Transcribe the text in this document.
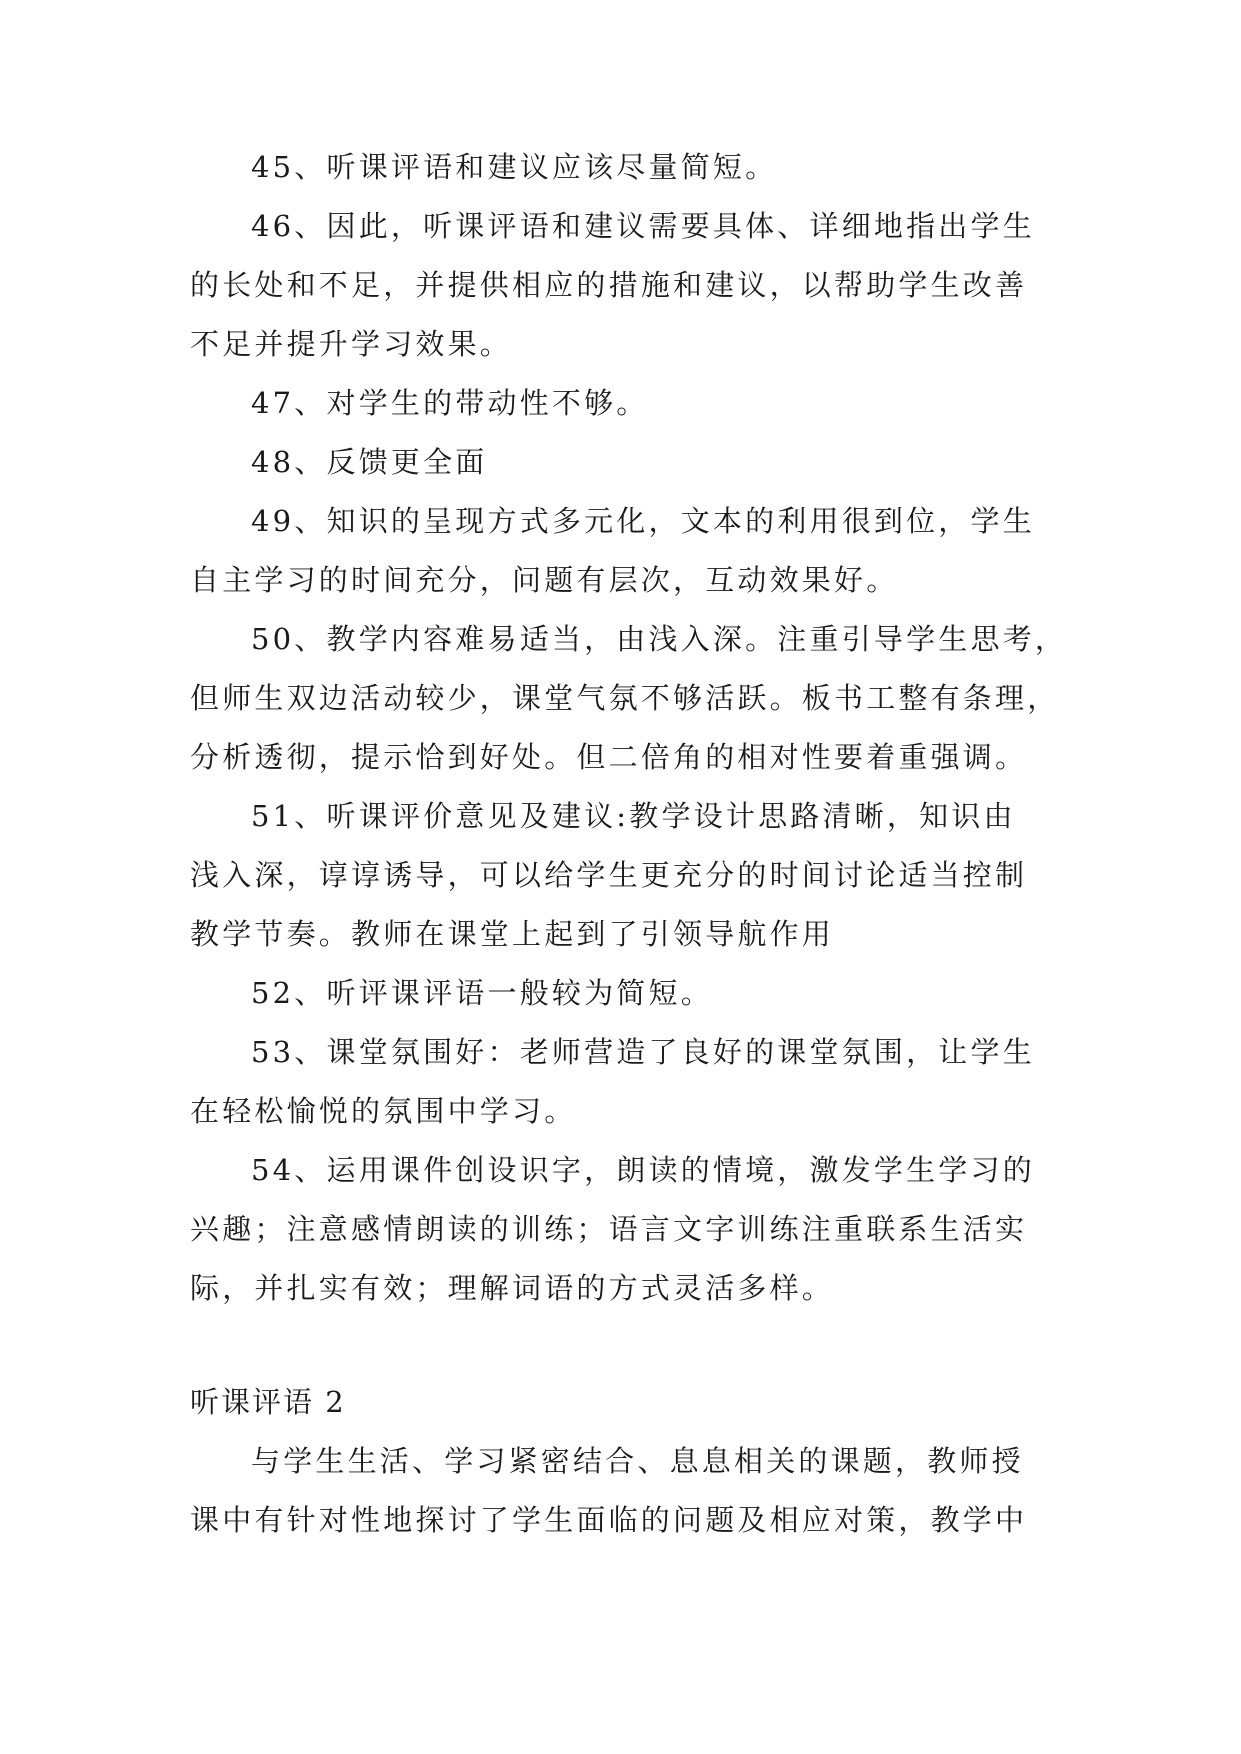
45、听课评语和建议应该尽量简短。
46、因此，听课评语和建议需要具体、详细地指出学生
的长处和不足，并提供相应的措施和建议，以帮助学生改善
不足并提升学习效果。
47、对学生的带动性不够。
48、反馈更全面
49、知识的呈现方式多元化，文本的利用很到位，学生
自主学习的时间充分，问题有层次，互动效果好。
50、教学内容难易适当，由浅入深。注重引导学生思考，
但师生双边活动较少，课堂气氛不够活跃。板书工整有条理，
分析透彻，提示恰到好处。但二倍角的相对性要着重强调。
51、听课评价意见及建议:教学设计思路清晰，知识由
浅入深，谆谆诱导，可以给学生更充分的时间讨论适当控制
教学节奏。教师在课堂上起到了引领导航作用
52、听评课评语一般较为简短。
53、课堂氛围好：老师营造了良好的课堂氛围，让学生
在轻松愉悦的氛围中学习。
54、运用课件创设识字，朗读的情境，激发学生学习的
兴趣；注意感情朗读的训练；语言文字训练注重联系生活实
际，并扎实有效；理解词语的方式灵活多样。
听课评语 2
与学生生活、学习紧密结合、息息相关的课题，教师授
课中有针对性地探讨了学生面临的问题及相应对策，教学中
